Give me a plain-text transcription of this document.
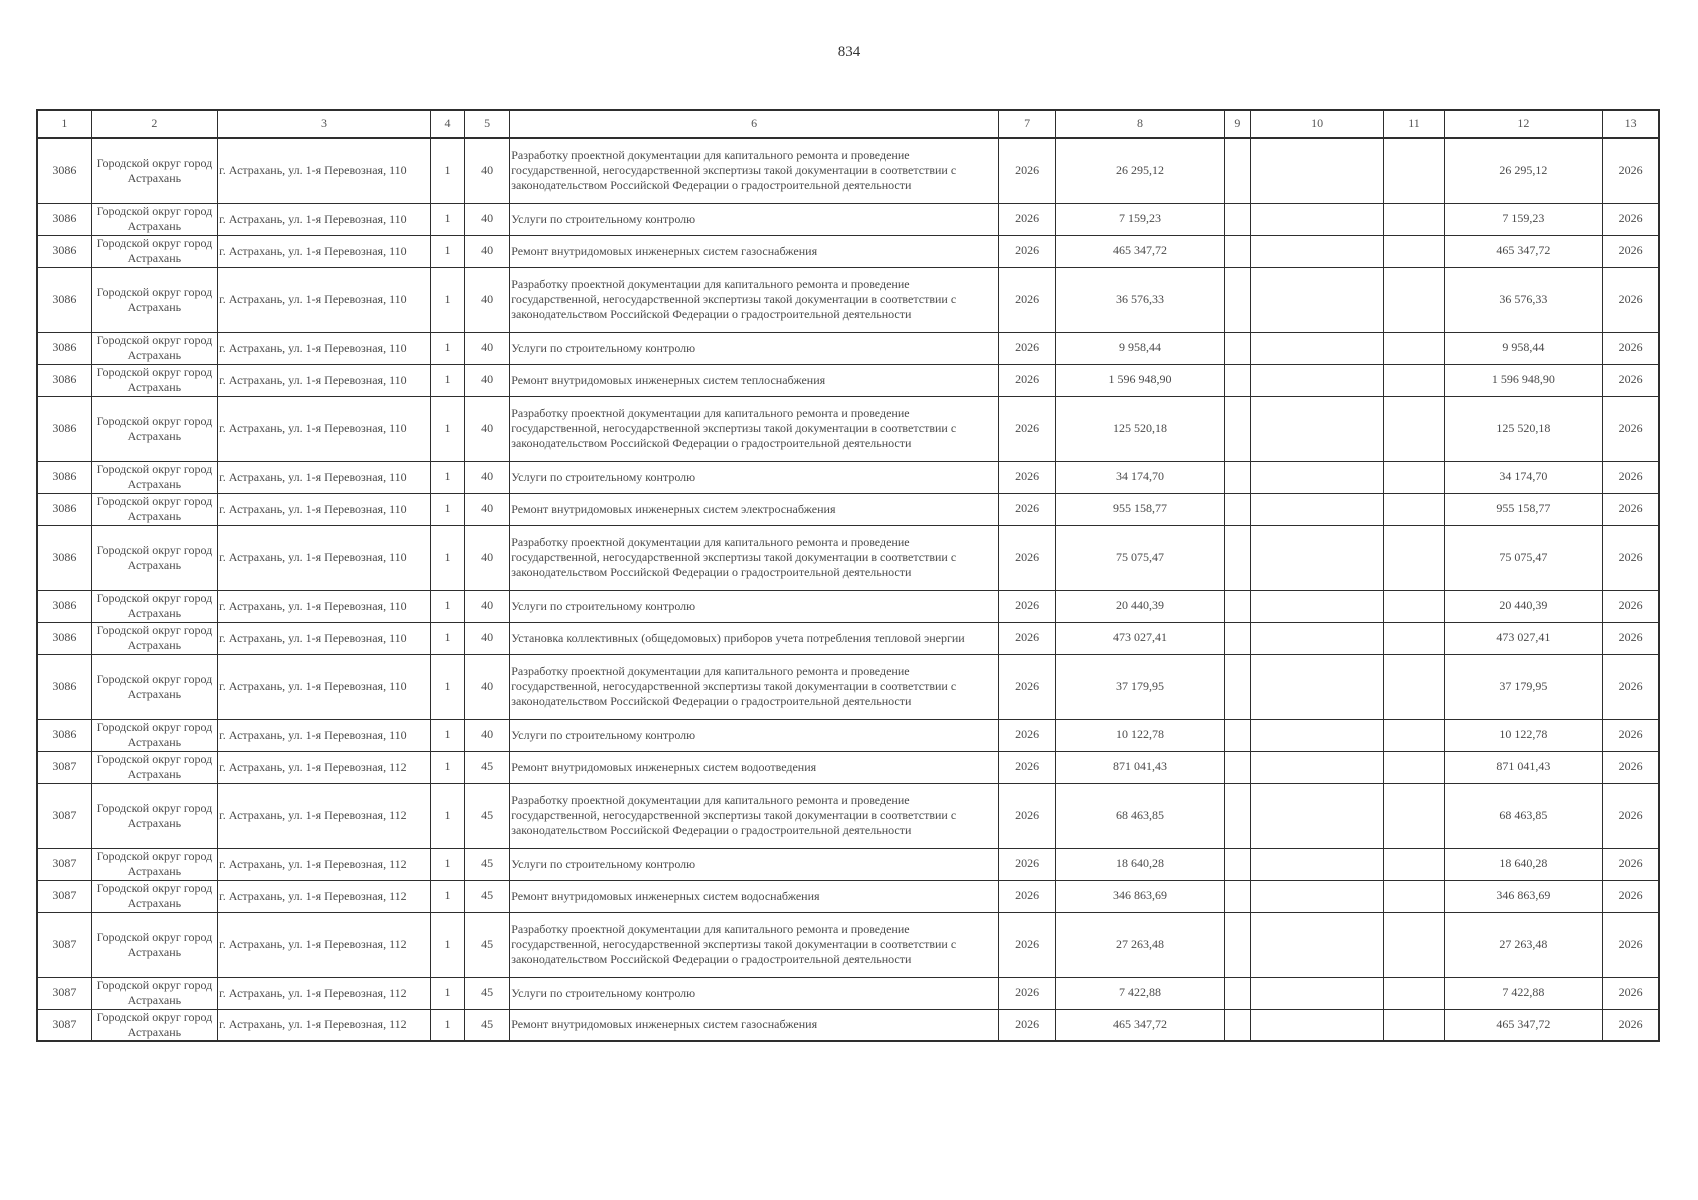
834
1	2	3	4	5	6	7	8	9	10	11	12	13
3086	Городской округ город Астрахань	г. Астрахань, ул. 1-я Перевозная, 110	1	40	Разработку проектной документации для капитального ремонта и проведение государственной, негосударственной экспертизы такой документации в соответствии с законодательством Российской Федерации о градостроительной деятельности	2026	26 295,12				26 295,12	2026
3086	Городской округ город Астрахань	г. Астрахань, ул. 1-я Перевозная, 110	1	40	Услуги по строительному контролю	2026	7 159,23				7 159,23	2026
3086	Городской округ город Астрахань	г. Астрахань, ул. 1-я Перевозная, 110	1	40	Ремонт внутридомовых инженерных систем газоснабжения	2026	465 347,72				465 347,72	2026
3086	Городской округ город Астрахань	г. Астрахань, ул. 1-я Перевозная, 110	1	40	Разработку проектной документации для капитального ремонта и проведение государственной, негосударственной экспертизы такой документации в соответствии с законодательством Российской Федерации о градостроительной деятельности	2026	36 576,33				36 576,33	2026
3086	Городской округ город Астрахань	г. Астрахань, ул. 1-я Перевозная, 110	1	40	Услуги по строительному контролю	2026	9 958,44				9 958,44	2026
3086	Городской округ город Астрахань	г. Астрахань, ул. 1-я Перевозная, 110	1	40	Ремонт внутридомовых инженерных систем теплоснабжения	2026	1 596 948,90				1 596 948,90	2026
3086	Городской округ город Астрахань	г. Астрахань, ул. 1-я Перевозная, 110	1	40	Разработку проектной документации для капитального ремонта и проведение государственной, негосударственной экспертизы такой документации в соответствии с законодательством Российской Федерации о градостроительной деятельности	2026	125 520,18				125 520,18	2026
3086	Городской округ город Астрахань	г. Астрахань, ул. 1-я Перевозная, 110	1	40	Услуги по строительному контролю	2026	34 174,70				34 174,70	2026
3086	Городской округ город Астрахань	г. Астрахань, ул. 1-я Перевозная, 110	1	40	Ремонт внутридомовых инженерных систем электроснабжения	2026	955 158,77				955 158,77	2026
3086	Городской округ город Астрахань	г. Астрахань, ул. 1-я Перевозная, 110	1	40	Разработку проектной документации для капитального ремонта и проведение государственной, негосударственной экспертизы такой документации в соответствии с законодательством Российской Федерации о градостроительной деятельности	2026	75 075,47				75 075,47	2026
3086	Городской округ город Астрахань	г. Астрахань, ул. 1-я Перевозная, 110	1	40	Услуги по строительному контролю	2026	20 440,39				20 440,39	2026
3086	Городской округ город Астрахань	г. Астрахань, ул. 1-я Перевозная, 110	1	40	Установка коллективных (общедомовых) приборов учета потребления тепловой энергии	2026	473 027,41				473 027,41	2026
3086	Городской округ город Астрахань	г. Астрахань, ул. 1-я Перевозная, 110	1	40	Разработку проектной документации для капитального ремонта и проведение государственной, негосударственной экспертизы такой документации в соответствии с законодательством Российской Федерации о градостроительной деятельности	2026	37 179,95				37 179,95	2026
3086	Городской округ город Астрахань	г. Астрахань, ул. 1-я Перевозная, 110	1	40	Услуги по строительному контролю	2026	10 122,78				10 122,78	2026
3087	Городской округ город Астрахань	г. Астрахань, ул. 1-я Перевозная, 112	1	45	Ремонт внутридомовых инженерных систем водоотведения	2026	871 041,43				871 041,43	2026
3087	Городской округ город Астрахань	г. Астрахань, ул. 1-я Перевозная, 112	1	45	Разработку проектной документации для капитального ремонта и проведение государственной, негосударственной экспертизы такой документации в соответствии с законодательством Российской Федерации о градостроительной деятельности	2026	68 463,85				68 463,85	2026
3087	Городской округ город Астрахань	г. Астрахань, ул. 1-я Перевозная, 112	1	45	Услуги по строительному контролю	2026	18 640,28				18 640,28	2026
3087	Городской округ город Астрахань	г. Астрахань, ул. 1-я Перевозная, 112	1	45	Ремонт внутридомовых инженерных систем водоснабжения	2026	346 863,69				346 863,69	2026
3087	Городской округ город Астрахань	г. Астрахань, ул. 1-я Перевозная, 112	1	45	Разработку проектной документации для капитального ремонта и проведение государственной, негосударственной экспертизы такой документации в соответствии с законодательством Российской Федерации о градостроительной деятельности	2026	27 263,48				27 263,48	2026
3087	Городской округ город Астрахань	г. Астрахань, ул. 1-я Перевозная, 112	1	45	Услуги по строительному контролю	2026	7 422,88				7 422,88	2026
3087	Городской округ город Астрахань	г. Астрахань, ул. 1-я Перевозная, 112	1	45	Ремонт внутридомовых инженерных систем газоснабжения	2026	465 347,72				465 347,72	2026
